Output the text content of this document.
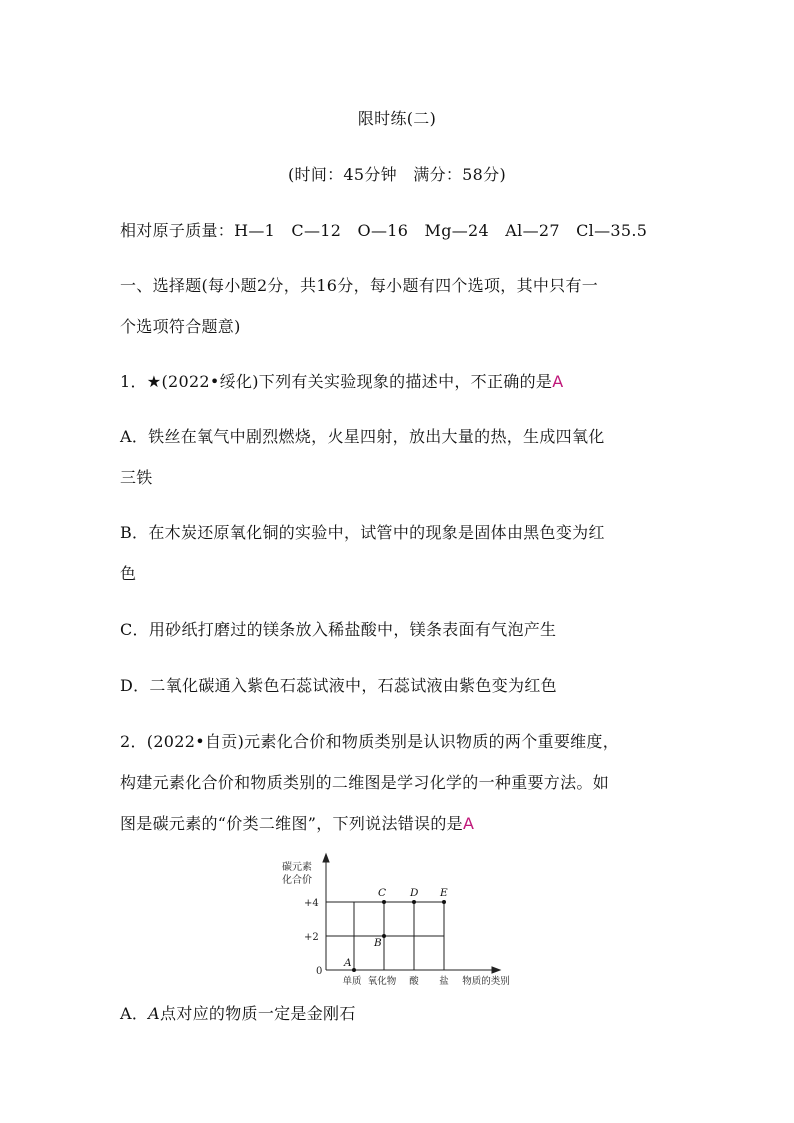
限时练(二)
(时间：45分钟　满分：58分)
相对原子质量：H—1　C—12　O—16　Mg—24　Al—27　Cl—35.5
一、选择题(每小题2分，共16分，每小题有四个选项，其中只有一
个选项符合题意)
1．★(2022•绥化)下列有关实验现象的描述中，不正确的是A
A．铁丝在氧气中剧烈燃烧，火星四射，放出大量的热，生成四氧化
三铁
B．在木炭还原氧化铜的实验中，试管中的现象是固体由黑色变为红
色
C．用砂纸打磨过的镁条放入稀盐酸中，镁条表面有气泡产生
D．二氧化碳通入紫色石蕊试液中，石蕊试液由紫色变为红色
2．(2022•自贡)元素化合价和物质类别是认识物质的两个重要维度，
构建元素化合价和物质类别的二维图是学习化学的一种重要方法。如
图是碳元素的“价类二维图”，下列说法错误的是A
碳元素
化合价
+4
+2
0
单质 氧化物 酸 盐 物质的类别
A
B
C D E
A．A点对应的物质一定是金刚石
